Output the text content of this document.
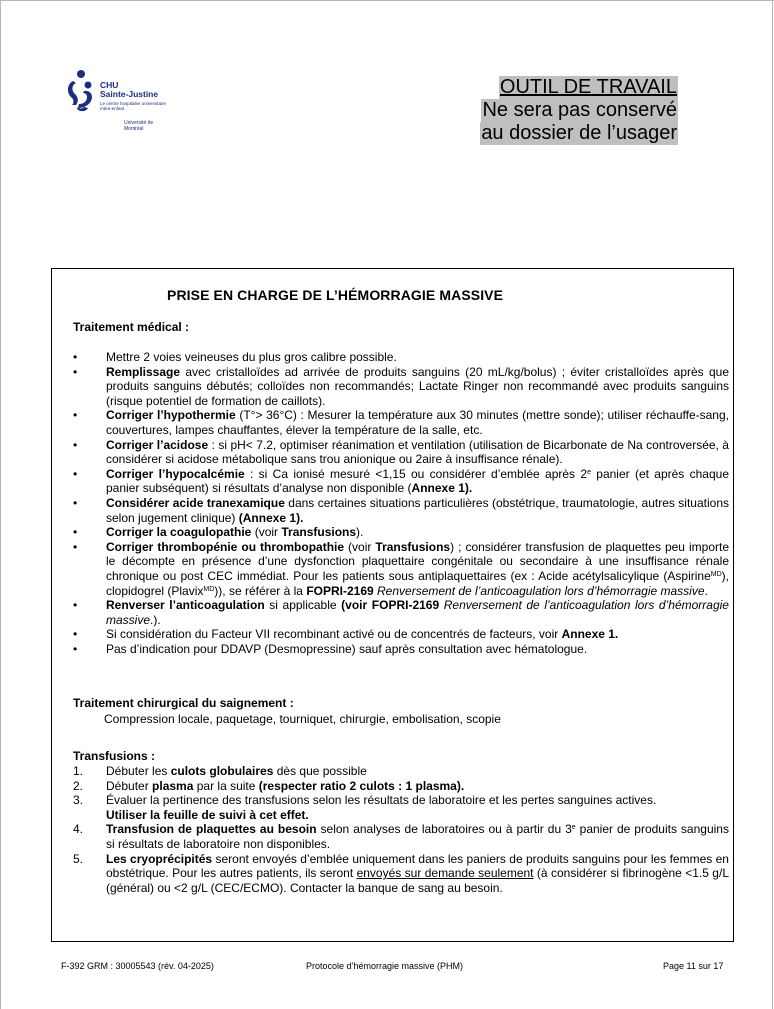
CHU
Sainte-Justine
Le centre hospitalier universitaire mère-enfant
Université de Montréal
OUTIL DE TRAVAIL
Ne sera pas conservé
au dossier de l’usager
PRISE EN CHARGE DE L’HÉMORRAGIE MASSIVE
Traitement médical :

• Mettre 2 voies veineuses du plus gros calibre possible.

• Remplissage avec cristalloïdes ad arrivée de produits sanguins (20 mL/kg/bolus) ; éviter cristalloïdes après que produits sanguins débutés; colloïdes non recommandés; Lactate Ringer non recommandé avec produits sanguins (risque potentiel de formation de caillots).

• Corriger l’hypothermie (T°> 36°C) : Mesurer la température aux 30 minutes (mettre sonde); utiliser réchauffe-sang, couvertures, lampes chauffantes, élever la température de la salle, etc.

• Corriger l’acidose : si pH< 7.2, optimiser réanimation et ventilation (utilisation de Bicarbonate de Na controversée, à considérer si acidose métabolique sans trou anionique ou 2aire à insuffisance rénale).

• Corriger l’hypocalcémie : si Ca ionisé mesuré <1,15 ou considérer d’emblée après 2e panier (et après chaque panier subséquent) si résultats d’analyse non disponible (Annexe 1).

• Considérer acide tranexamique dans certaines situations particulières (obstétrique, traumatologie, autres situations selon jugement clinique) (Annexe 1).

• Corriger la coagulopathie (voir Transfusions).

• Corriger thrombopénie ou thrombopathie (voir Transfusions) ; considérer transfusion de plaquettes peu importe le décompte en présence d’une dysfonction plaquettaire congénitale ou secondaire à une insuffisance rénale chronique ou post CEC immédiat. Pour les patients sous antiplaquettaires (ex : Acide acétylsalicylique (Aspirine$^{MD}$), clopidogrel (Plavix$^{MD}$)), se référer à la FOPRI-2169 Renversement de l’anticoagulation lors d’hémorragie massive.

• Renverser l’anticoagulation si applicable (voir FOPRI-2169 Renversement de l’anticoagulation lors d’hémorragie massive.).

• Si considération du Facteur VII recombinant activé ou de concentrés de facteurs, voir Annexe 1.

• Pas d’indication pour DDAVP (Desmopressine) sauf après consultation avec hématologue.

Traitement chirurgical du saignement :
Compression locale, paquetage, tourniquet, chirurgie, embolisation, scopie
Transfusions :

1. Débuter les culots globulaires dès que possible

2. Débuter plasma par la suite (respecter ratio 2 culots : 1 plasma).

3. Évaluer la pertinence des transfusions selon les résultats de laboratoire et les pertes sanguines actives.
Utiliser la feuille de suivi à cet effet.

4. Transfusion de plaquettes au besoin selon analyses de laboratoires ou à partir du 3e panier de produits sanguins si résultats de laboratoire non disponibles.

5. Les cryoprécipités seront envoyés d’emblée uniquement dans les paniers de produits sanguins pour les femmes en obstétrique. Pour les autres patients, ils seront envoyés sur demande seulement (à considérer si fibrinogène <1.5 g/L (général) ou <2 g/L (CEC/ECMO). Contacter la banque de sang au besoin.

F-392 GRM : 30005543 (rév. 04-2025)	Protocole d’hémorragie massive (PHM)	Page 11 sur 17
